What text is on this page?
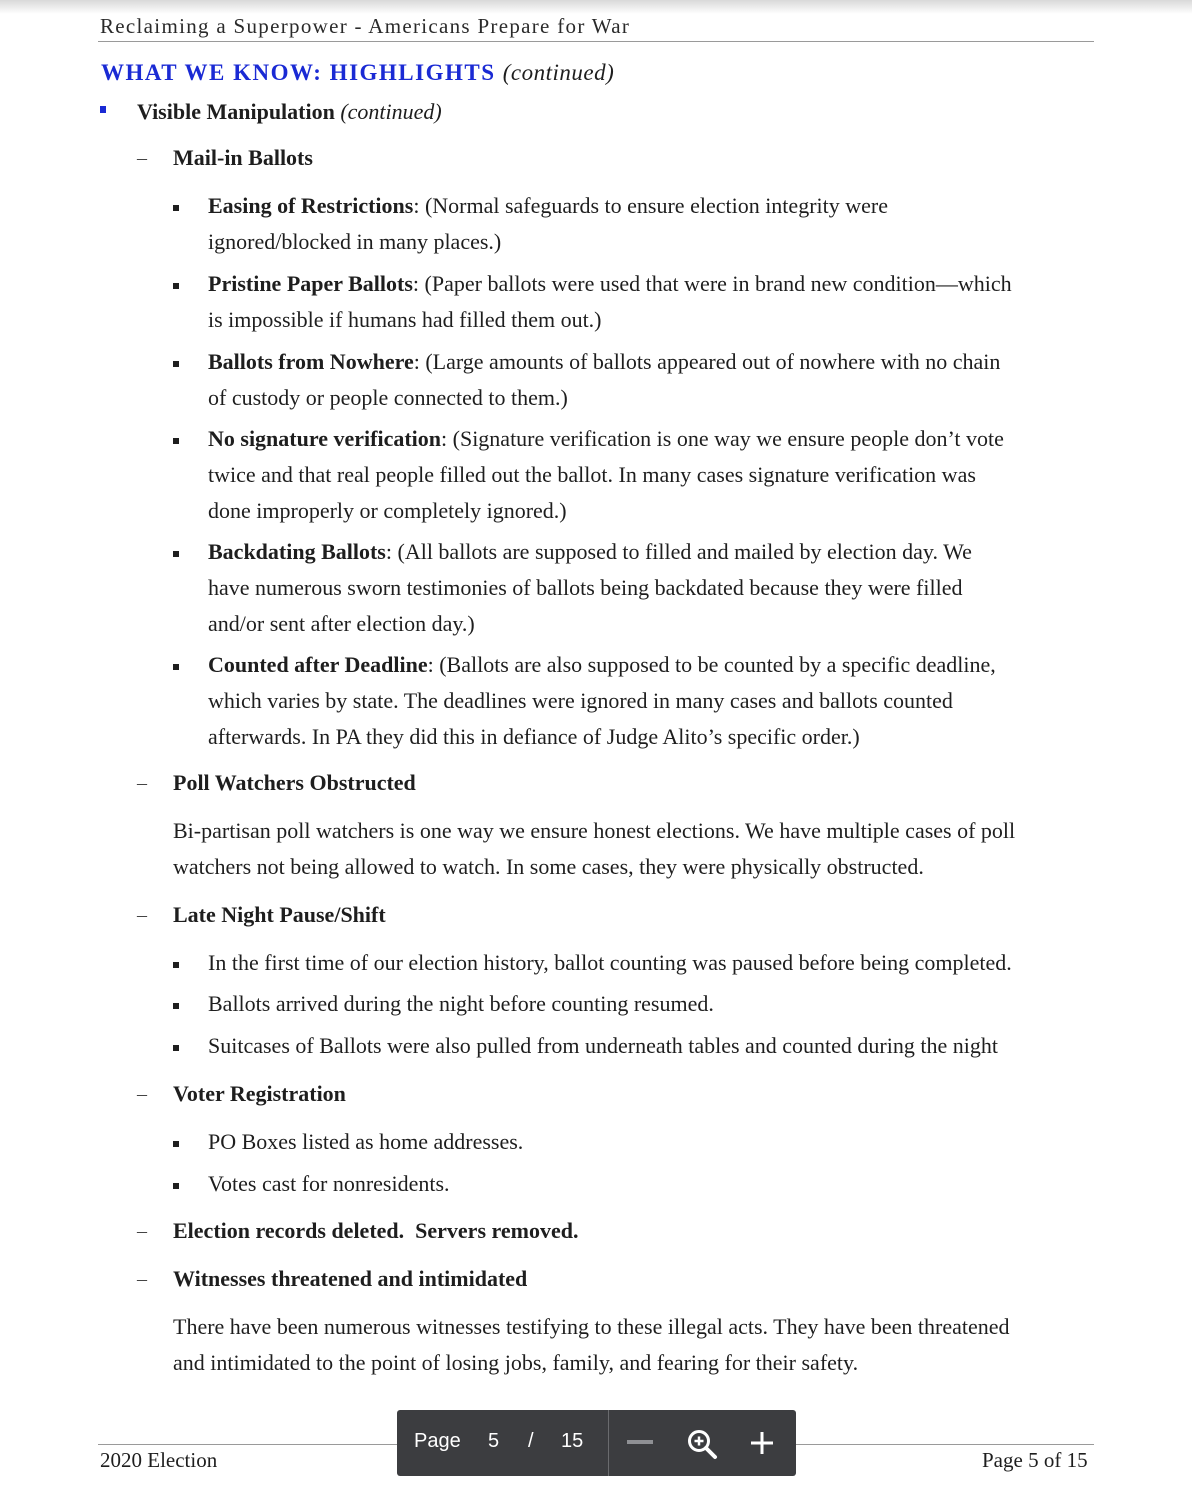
Reclaiming a Superpower - Americans Prepare for War
WHAT WE KNOW: HIGHLIGHTS (continued)
Visible Manipulation (continued)
– Mail-in Ballots
Easing of Restrictions: (Normal safeguards to ensure election integrity were
ignored/blocked in many places.)
Pristine Paper Ballots: (Paper ballots were used that were in brand new condition—which
is impossible if humans had filled them out.)
Ballots from Nowhere: (Large amounts of ballots appeared out of nowhere with no chain
of custody or people connected to them.)
No signature verification: (Signature verification is one way we ensure people don’t vote
twice and that real people filled out the ballot. In many cases signature verification was
done improperly or completely ignored.)
Backdating Ballots: (All ballots are supposed to filled and mailed by election day. We
have numerous sworn testimonies of ballots being backdated because they were filled
and/or sent after election day.)
Counted after Deadline: (Ballots are also supposed to be counted by a specific deadline,
which varies by state. The deadlines were ignored in many cases and ballots counted
afterwards. In PA they did this in defiance of Judge Alito’s specific order.)
– Poll Watchers Obstructed
Bi-partisan poll watchers is one way we ensure honest elections. We have multiple cases of poll
watchers not being allowed to watch. In some cases, they were physically obstructed.
– Late Night Pause/Shift
In the first time of our election history, ballot counting was paused before being completed.
Ballots arrived during the night before counting resumed.
Suitcases of Ballots were also pulled from underneath tables and counted during the night
– Voter Registration
PO Boxes listed as home addresses.
Votes cast for nonresidents.
– Election records deleted.  Servers removed.
– Witnesses threatened and intimidated
There have been numerous witnesses testifying to these illegal acts. They have been threatened
and intimidated to the point of losing jobs, family, and fearing for their safety.
2020 Election	Page 5 of 15
Page 5 / 15
